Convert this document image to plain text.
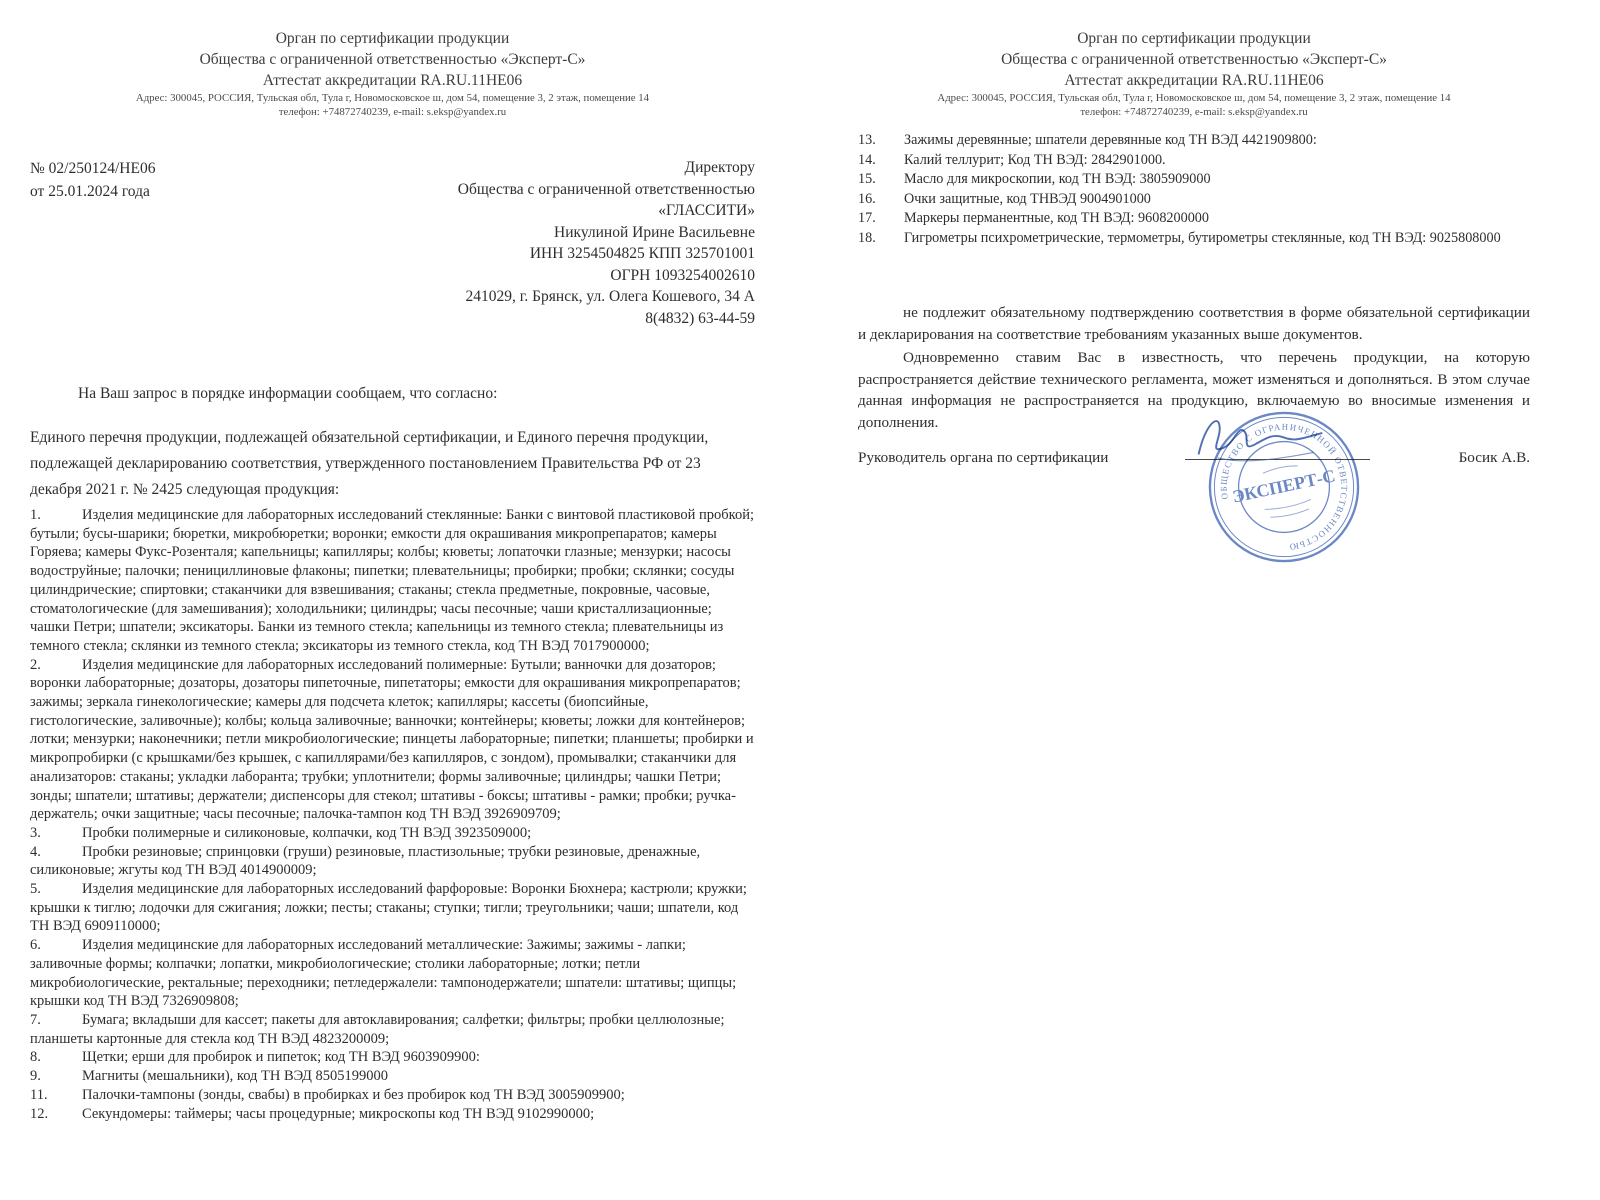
Орган по сертификации продукции
Общества с ограниченной ответственностью «Эксперт-С»
Аттестат аккредитации RA.RU.11НЕ06
Адрес: 300045, РОССИЯ, Тульская обл, Тула г, Новомосковское ш, дом 54, помещение 3, 2 этаж, помещение 14
телефон: +74872740239, e-mail: s.eksp@yandex.ru
№ 02/250124/НЕ06
от 25.01.2024 года
Директору
Общества с ограниченной ответственностью
«ГЛАССИТИ»
Никулиной Ирине Васильевне
ИНН 3254504825 КПП 325701001
ОГРН 1093254002610
241029, г. Брянск, ул. Олега Кошевого, 34 А
8(4832) 63-44-59

На Ваш запрос в порядке информации сообщаем, что согласно:

Единого перечня продукции, подлежащей обязательной сертификации, и Единого перечня продукции, подлежащей декларированию соответствия, утвержденного постановлением Правительства РФ от 23 декабря 2021 г. № 2425 следующая продукция:

1.	Изделия медицинские для лабораторных исследований стеклянные: Банки с винтовой пластиковой пробкой; бутыли; бусы-шарики; бюретки, микробюретки; воронки; емкости для окрашивания микропрепаратов; камеры Горяева; камеры Фукс-Розенталя; капельницы; капилляры; колбы; кюветы; лопаточки глазные; мензурки; насосы водоструйные; палочки; пенициллиновые флаконы; пипетки; плевательницы; пробирки; пробки; склянки; сосуды цилиндрические; спиртовки; стаканчики для взвешивания; стаканы; стекла предметные, покровные, часовые, стоматологические (для замешивания); холодильники; цилиндры; часы песочные; чаши кристаллизационные; чашки Петри; шпатели; эксикаторы. Банки из темного стекла; капельницы из темного стекла; плевательницы из темного стекла; склянки из темного стекла; эксикаторы из темного стекла, код ТН ВЭД 7017900000;

2.	Изделия медицинские для лабораторных исследований полимерные: Бутыли; ванночки для дозаторов; воронки лабораторные; дозаторы, дозаторы пипеточные, пипетаторы; емкости для окрашивания микропрепаратов; зажимы; зеркала гинекологические; камеры для подсчета клеток; капилляры; кассеты (биопсийные, гистологические, заливочные); колбы; кольца заливочные; ванночки; контейнеры; кюветы; ложки для контейнеров; лотки; мензурки; наконечники; петли микробиологические; пинцеты лабораторные; пипетки; планшеты; пробирки и микропробирки (с крышками/без крышек, с капиллярами/без капилляров, с зондом), промывалки; стаканчики для анализаторов: стаканы; укладки лаборанта; трубки; уплотнители; формы заливочные; цилиндры; чашки Петри; зонды; шпатели; штативы; держатели; диспенсоры для стекол; штативы - боксы; штативы - рамки; пробки; ручка-держатель; очки защитные; часы песочные; палочка-тампон код ТН ВЭД 3926909709;

3.	Пробки полимерные и силиконовые, колпачки, код ТН ВЭД 3923509000;

4.	Пробки резиновые; спринцовки (груши) резиновые, пластизольные; трубки резиновые, дренажные, силиконовые; жгуты код ТН ВЭД 4014900009;

5.	Изделия медицинские для лабораторных исследований фарфоровые: Воронки Бюхнера; кастрюли; кружки; крышки к тиглю; лодочки для сжигания; ложки; песты; стаканы; ступки; тигли; треугольники; чаши; шпатели, код ТН ВЭД 6909110000;

6.	Изделия медицинские для лабораторных исследований металлические: Зажимы; зажимы - лапки; заливочные формы; колпачки; лопатки, микробиологические; столики лабораторные; лотки; петли микробиологические, ректальные; переходники; петледержалели: тампонодержатели; шпатели: штативы; щипцы; крышки код ТН ВЭД 7326909808;

7.	Бумага; вкладыши для кассет; пакеты для автоклавирования; салфетки; фильтры; пробки целлюлозные; планшеты картонные для стекла код ТН ВЭД 4823200009;

8.	Щетки; ерши для пробирок и пипеток; код ТН ВЭД 9603909900:

9.	Магниты (мешальники), код ТН ВЭД 8505199000

11. Палочки-тампоны (зонды, свабы) в пробирках и без пробирок код ТН ВЭД 3005909900;

12. Секундомеры: таймеры; часы процедурные; микроскопы код ТН ВЭД 9102990000;

Орган по сертификации продукции
Общества с ограниченной ответственностью «Эксперт-С»
Аттестат аккредитации RA.RU.11НЕ06
Адрес: 300045, РОССИЯ, Тульская обл, Тула г, Новомосковское ш, дом 54, помещение 3, 2 этаж, помещение 14
телефон: +74872740239, e-mail: s.eksp@yandex.ru

13. Зажимы деревянные; шпатели деревянные код ТН ВЭД 4421909800:

14. Калий теллурит; Код ТН ВЭД: 2842901000.

15. Масло для микроскопии, код ТН ВЭД: 3805909000

16. Очки защитные, код ТНВЭД 9004901000

17. Маркеры перманентные, код ТН ВЭД: 9608200000

18. Гигрометры психрометрические, термометры, бутирометры стеклянные, код ТН ВЭД: 9025808000

не подлежит обязательному подтверждению соответствия в форме обязательной сертификации и декларирования на соответствие требованиям указанных выше документов.

Одновременно ставим Вас в известность, что перечень продукции, на которую распространяется действие технического регламента, может изменяться и дополняться. В этом случае данная информация не распространяется на продукцию, включаемую во вносимые изменения и дополнения.

Руководитель органа по сертификации	Босик А.В.
ОБЩЕСТВО С ОГРАНИЧЕННОЙ ОТВЕТСТВЕННОСТЬЮ
ЭКСПЕРТ-С
